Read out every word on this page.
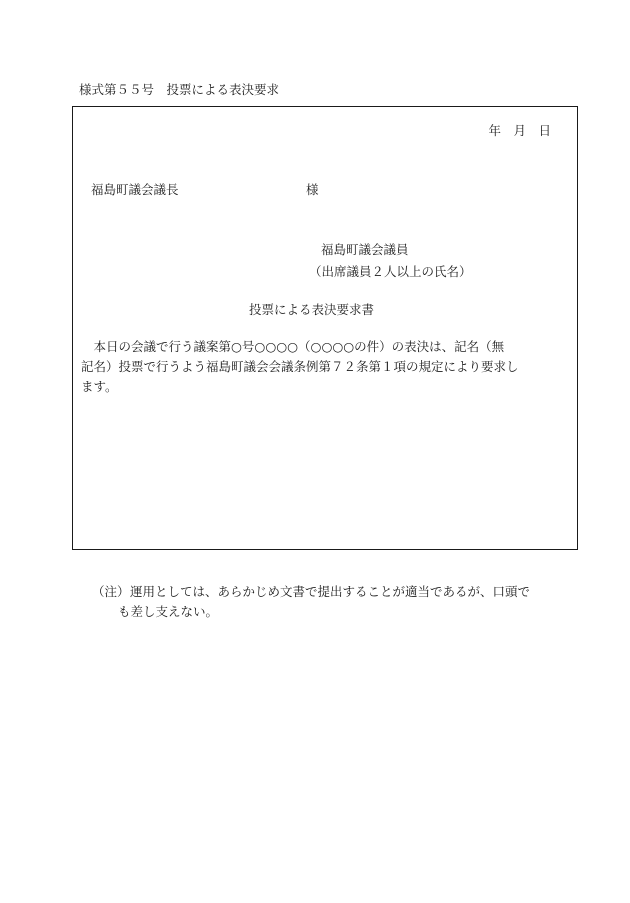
様式第５５号　投票による表決要求
年　月　日
福島町議会議長	様
福島町議会議員
（出席議員２人以上の氏名）
投票による表決要求書
　本日の会議で行う議案第○号○○○○（○○○○の件）の表決は、記名（無
記名）投票で行うよう福島町議会会議条例第７２条第１項の規定により要求し
ます。
（注）運用としては、あらかじめ文書で提出することが適当であるが、口頭で
も差し支えない。
